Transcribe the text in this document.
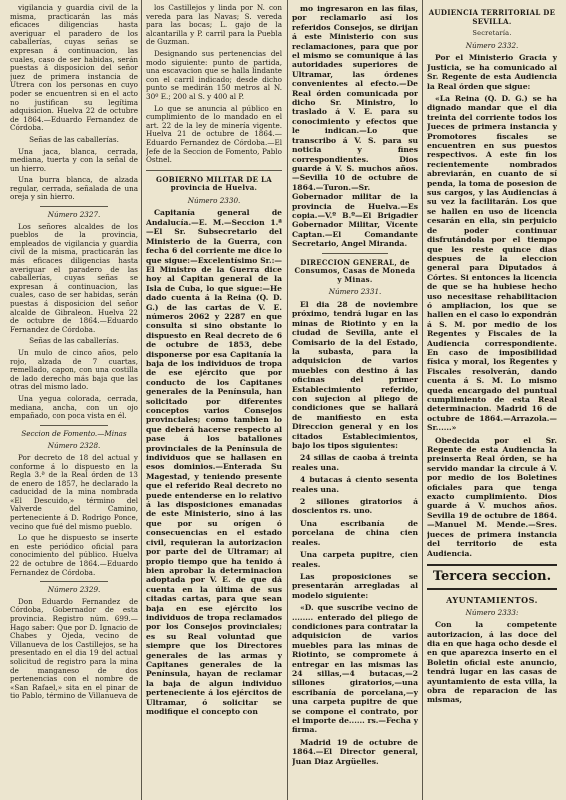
vigilancia y guardia civil de la misma, practicarán las más eficaces diligencias hasta averiguar el paradero de los caballerías, cuyas señas se expresan á continuacion, las cuales, caso de ser habidas, serán puestas á disposicion del señor juez de primera instancia de Utrera con los personas en cuyo poder se encuentren si en el acto no justifican su legítima adquisicion. Huelva 22 de octubre de 1864.—Eduardo Fernandez de Córdoba.

Señas de las caballerías.

Una jaca, blanca, cerrada, mediana, tuerta y con la señal de un hierro.

Una burra blanca, de alzada regular, cerrada, señalada de una oreja y sin hierro.

Número 2327.

Los señores alcaldes de los pueblos de la provincia, empleados de vigilancia y guardia civil de la misma, practicarán las más eficaces diligencias hasta averiguar el paradero de las caballerías, cuyas señas se expresan á continuacion, las cuales, caso de ser habidas, serán puestas á disposicion del señor alcalde de Gibraleon. Huelva 22 de octubre de 1864.—Eduardo Fernandez de Córdoba.

Señas de las caballerías.

Un mulo de cinco años, pelo rojo, alzada de 7 cuartas, remellado, capon, con una costilla de lado derecho más baja que las otras del mismo lado.

Una yegua colorada, cerrada, mediana, ancha, con un ojo empañado, con poca vista en él.

Seccion de Fomento.—Minas
Número 2328.

Por decreto de 18 del actual y conforme á lo dispuesto en la Regla 3.ª de la Real órden de 13 de enero de 1857, he declarado la caducidad de la mina nombrada «El Descuido,» término del Valverde del Camino, perteneciente á D. Rodrigo Ponce, vecino que fué del mismo pueblo.

Lo que he dispuesto se inserte en este periódico oficial para conocimiento del público. Huelva 22 de octubre de 1864.—Eduardo Fernandez de Córdoba.

Número 2329.

Don Eduardo Fernandez de Córdoba, Gobernador de esta provincia. Registro núm. 699.—Hago saber: Que por D. Ignacio de Chabes y Ojeda, vecino de Villanueva de los Castillejos, se ha presentado en el dia 19 del actual solicitud de registro para la mina de manganeso de dos pertenencias con el nombre de «San Rafael,» sita en el pinar de tio Pablo, término de Villanueva de

los Castillejos y linda por N. con vereda para las Navas; S. vereda para las bocas; L. gajo de la alcantarilla y P. carril para la Puebla de Guzman.

Designando sus pertenencias del modo siguiente: punto de partida, una escavacion que se halla lindante con el carril indicado; desde dicho punto se medirán 150 metros al N. 30º E.; 200 al S. y 400 al P.

Lo que se anuncia al público en cumplimiento de lo mandado en el art. 22 de la ley de minería vigente. Huelva 21 de octubre de 1864.—Eduardo Fernandez de Córdoba.—El Jefe de la Seccion de Fomento, Pablo Ostnel.

GOBIERNO MILITAR DE LA provincia de Huelva.
Número 2330.

Capitanía general de Andalucía.—E. M.—Seccion 1.ª—El Sr. Subsecretario del Ministerio de la Guerra, con fecha 6 del corriente me dice lo que sigue:—Excelentísimo Sr.:—El Ministro de la Guerra dice hoy al Capitan general de la Isla de Cuba, lo que sigue:—He dado cuenta á la Reina (Q. D. G.) de las cartas de V. E. números 2062 y 2287 en que consulta si sino obstante lo dispuesto en Real decreto de 6 de octubre de 1853, debe disponerse por esa Capitanía la baja de los individuos de tropa de ese ejército que por conducto de los Capitanes generales de la Península, han solicitado por diferentes conceptos varios Consejos provinciales; como tambien lo que deberá hacerse respecto al pase á los batallones provinciales de la Península de individuos que se hallasen en esos dominios.—Enterada Su Magestad, y teniendo presente que el referido Real decreto no puede entenderse en lo relativo á las disposiciones emanadas de este Ministerio, sino á las que por su orígen ó consecuencias en el estado civil, requieran la autorizacion por parte del de Ultramar; al propio tiempo que ha tenido á bien aprobar la determinacion adoptada por V. E. de que dá cuenta en la última de sus citadas cartas, para que sean baja en ese ejército los individuos de tropa reclamados por los Consejos provinciales; es su Real voluntad que siempre que los Directores generales de las armas y Capitanes generales de la Península, hayan de reclamar la baja de algun individuo perteneciente á los ejércitos de Ultramar, ó solicitar se modifique el concepto con

mo ingresaron en las filas, por reclamarlo así los referidos Consejos, se dirijan á este Ministerio con sus reclamaciones, para que por el mismo se comunique á las autoridades superiores de Ultramar, las órdenes convenientes al efecto.—De Real órden comunicada por dicho Sr. Ministro, lo traslado á V. E. para su conocimiento y efectos que le indican.—Lo que transcribo á V. S. para su noticia y fines correspondientes. Dios guarde á V. S. muchos años.—Sevilla 10 de octubre de 1864.—Turon.—Sr. Gobernador militar de la provincia de Huelva.—Es copia.—V.º B.º—El Brigadier Gobernador Militar, Vicente Captan.—El Comandante Secretario, Angel Miranda.

DIRECCION GENERAL, de Consumos, Casas de Moneda y Minas.
Número 2331.

El dia 28 de noviembre próximo, tendrá lugar en las minas de Riotinto y en la ciudad de Sevilla, ante el Comisario de la del Estado, la subasta, para la adquisicion de varios muebles con destino á las oficinas del primer Establecimiento referido, con sujecion al pliego de condiciones que se hallará de manifiesto en esta Direccion general y en los citados Establecimientos, bajo los tipos siguientes:

24 sillas de caoba á treinta reales una.

4 butacas á ciento sesenta reales una.

2 sillones giratorios á doscientos rs. uno.

Una escribanía de porcelana de china cien reales.

Una carpeta pupitre, cien reales.

Las proposiciones se presentarán arregladas al modelo siguiente:

«D. que suscribe vecino de ........ enterado del pliego de condiciones para contratar la adquisicion de varios muebles para las minas de Riotinto, se compromete á entregar en las mismas las 24 sillas,—4 butacas,—2 sillones giratorios,—una escribanía de porcelana,—y una carpeta pupitre de que se compone el contrato, por el importe de...... rs.—Fecha y firma.

Madrid 19 de octubre de 1864.—El Director general, Juan Diaz Argüelles.

AUDIENCIA TERRITORIAL DE SEVILLA.
Secretaría.
Número 2332.

Por el Ministerio Gracia y Justicia, se ha comunicado al Sr. Regente de esta Audiencia la Real órden que sigue:

«La Reina (Q. D. G.) se ha dignado mandar que el dia treinta del corriente todos los Jueces de primera instancia y Promotores fiscales se encuentren en sus puestos respectivos. A este fin los recientemente nombrados abreviarán, en cuanto de sí penda, la toma de posesion de sus cargos, y las Audiencias á su vez la facilitarán. Los que se hallen en uso de licencia cesarán en ella, sin perjuicio de poder continuar disfrutándola por el tiempo que les reste quince dias despues de la eleccion general para Diputados á Córtes. Si entonces la licencia de que se ha hubiese hecho uso necesitase rehabilitacion ó ampliacion, los que se hallen en el caso lo expondrán á S. M. por medio de los Regentes y Fiscales de la Audiencia correspondiente. En caso de imposibilidad física y moral, los Regentes y Fiscales resolverán, dando cuenta á S. M. Lo mismo queda encargado del puntual cumplimiento de esta Real determinacion. Madrid 16 de octubre de 1864.—Arrazola.—Sr......»

Obedecida por el Sr. Regente de esta Audiencia la preinserta Real órden, se ha servido mandar la circule á V. por medio de los Boletines oficiales para que tenga exacto cumplimiento. Dios guarde á V. muchos años. Sevilla 19 de octubre de 1864.—Manuel M. Mende.—Sres. jueces de primera instancia del territorio de esta Audiencia.

Tercera seccion.
AYUNTAMIENTOS.
Número 2333:

Con la competente autorizacion, á las doce del dia en que haga ocho desde el en que aparezca inserto en el Boletin oficial este anuncio, tendrá lugar en las casas de ayuntamiento de esta villa, la obra de reparacion de las mismas,
